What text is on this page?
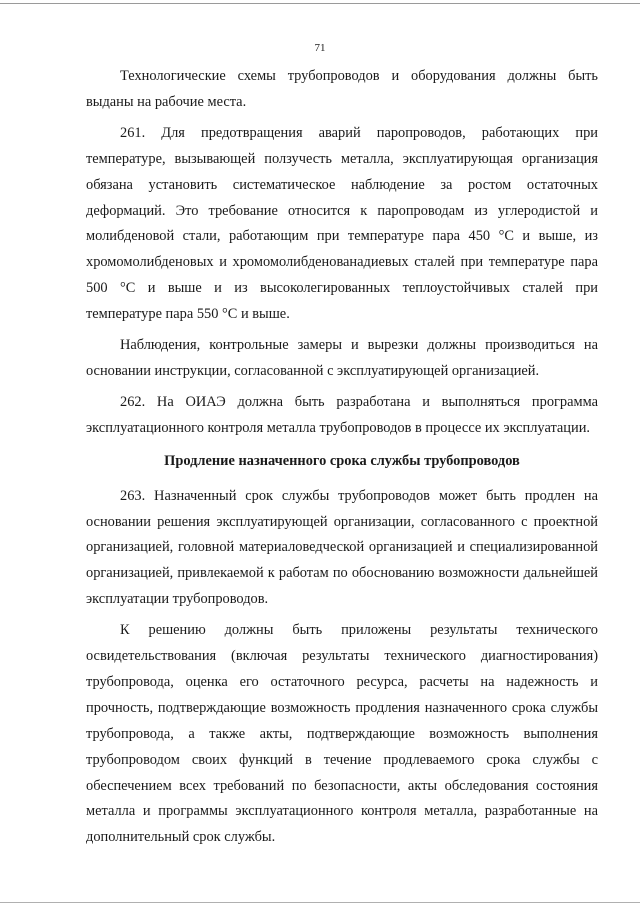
71

Технологические схемы трубопроводов и оборудования должны быть выданы на рабочие места.

261. Для предотвращения аварий паропроводов, работающих при температуре, вызывающей ползучесть металла, эксплуатирующая организация обязана установить систематическое наблюдение за ростом остаточных деформаций. Это требование относится к паропроводам из углеродистой и молибденовой стали, работающим при температуре пара 450 °С и выше, из хромомолибденовых и хромомолибденованадиевых сталей при температуре пара 500 °С и выше и из высоколегированных теплоустойчивых сталей при температуре пара 550 °С и выше.

Наблюдения, контрольные замеры и вырезки должны производиться на основании инструкции, согласованной с эксплуатирующей организацией.

262. На ОИАЭ должна быть разработана и выполняться программа эксплуатационного контроля металла трубопроводов в процессе их эксплуатации.

Продление назначенного срока службы трубопроводов

263. Назначенный срок службы трубопроводов может быть продлен на основании решения эксплуатирующей организации, согласованного с проектной организацией, головной материаловедческой организацией и специализированной организацией, привлекаемой к работам по обоснованию возможности дальнейшей эксплуатации трубопроводов.

К решению должны быть приложены результаты технического освидетельствования (включая результаты технического диагностирования) трубопровода, оценка его остаточного ресурса, расчеты на надежность и прочность, подтверждающие возможность продления назначенного срока службы трубопровода, а также акты, подтверждающие возможность выполнения трубопроводом своих функций в течение продлеваемого срока службы с обеспечением всех требований по безопасности, акты обследования состояния металла и программы эксплуатационного контроля металла, разработанные на дополнительный срок службы.
